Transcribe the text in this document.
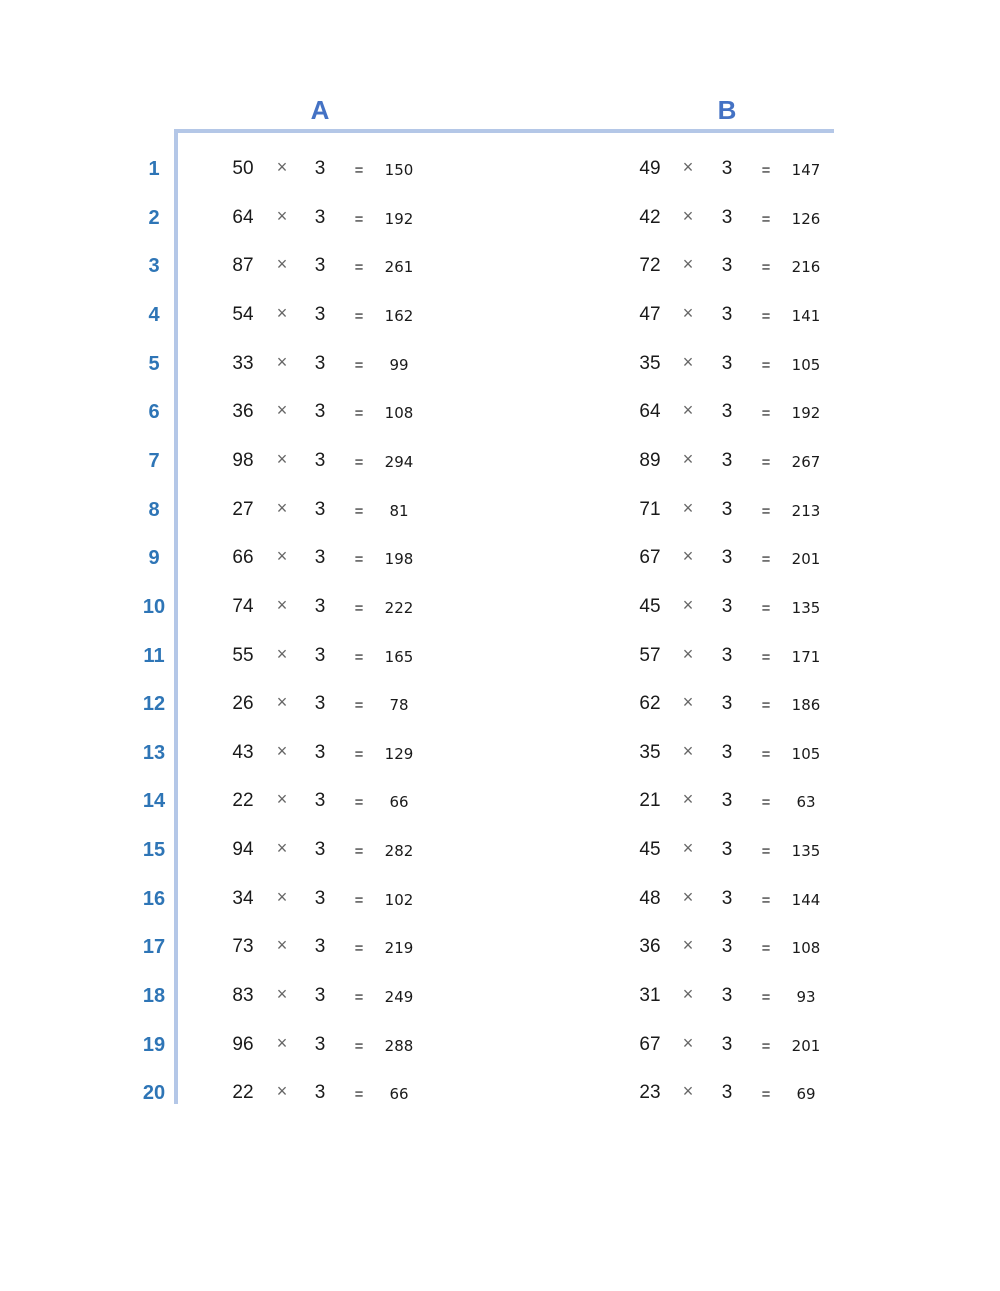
A	B
1	50	×	3	=	150	49	×	3	=	147
2	64	×	3	=	192	42	×	3	=	126
3	87	×	3	=	261	72	×	3	=	216
4	54	×	3	=	162	47	×	3	=	141
5	33	×	3	=	99	35	×	3	=	105
6	36	×	3	=	108	64	×	3	=	192
7	98	×	3	=	294	89	×	3	=	267
8	27	×	3	=	81	71	×	3	=	213
9	66	×	3	=	198	67	×	3	=	201
10	74	×	3	=	222	45	×	3	=	135
11	55	×	3	=	165	57	×	3	=	171
12	26	×	3	=	78	62	×	3	=	186
13	43	×	3	=	129	35	×	3	=	105
14	22	×	3	=	66	21	×	3	=	63
15	94	×	3	=	282	45	×	3	=	135
16	34	×	3	=	102	48	×	3	=	144
17	73	×	3	=	219	36	×	3	=	108
18	83	×	3	=	249	31	×	3	=	93
19	96	×	3	=	288	67	×	3	=	201
20	22	×	3	=	66	23	×	3	=	69
